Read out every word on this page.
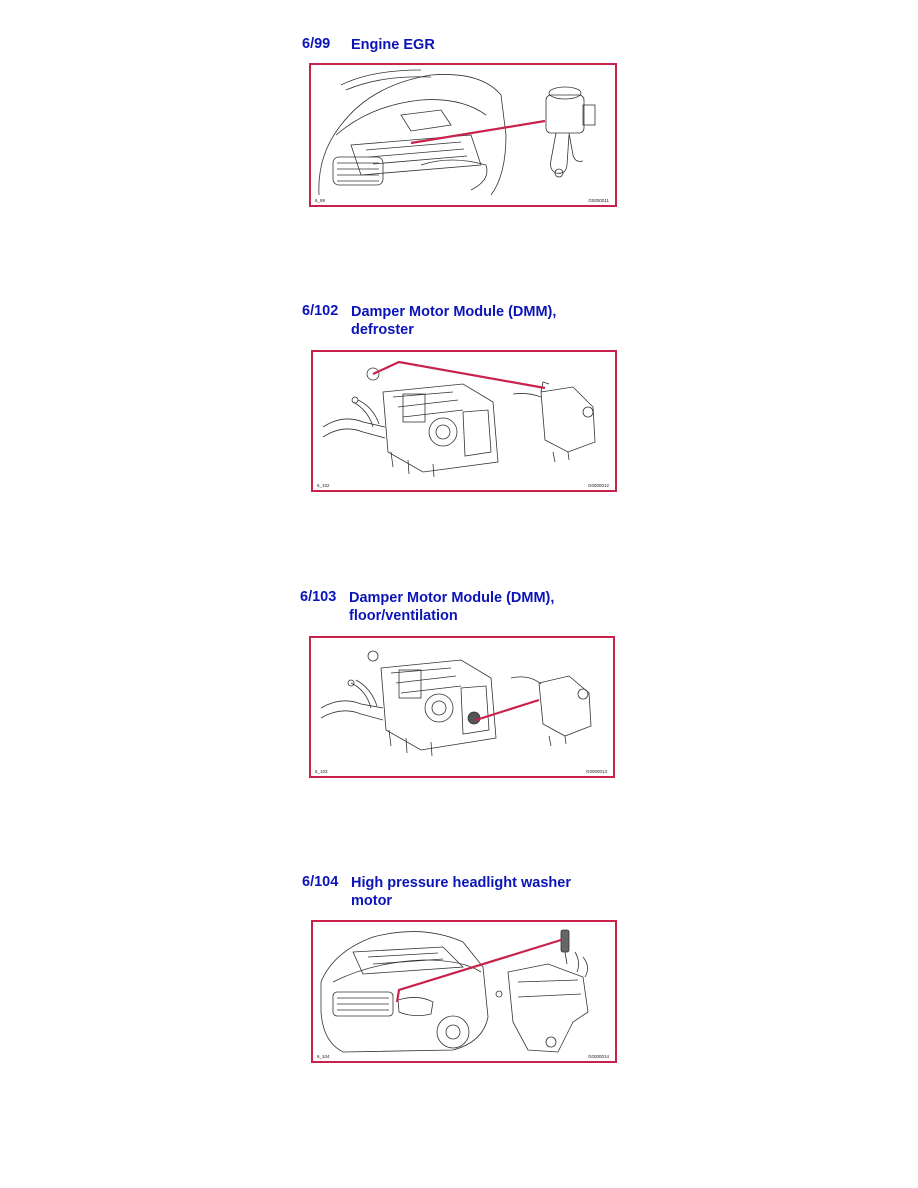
6/99 Engine EGR
6_99	G0000011
6/102 Damper Motor Module (DMM),
defroster
6_102	G0000012
6/103 Damper Motor Module (DMM),
floor/ventilation
6_103	G0000013
6/104 High pressure headlight washer
motor
6_104	G0000014
